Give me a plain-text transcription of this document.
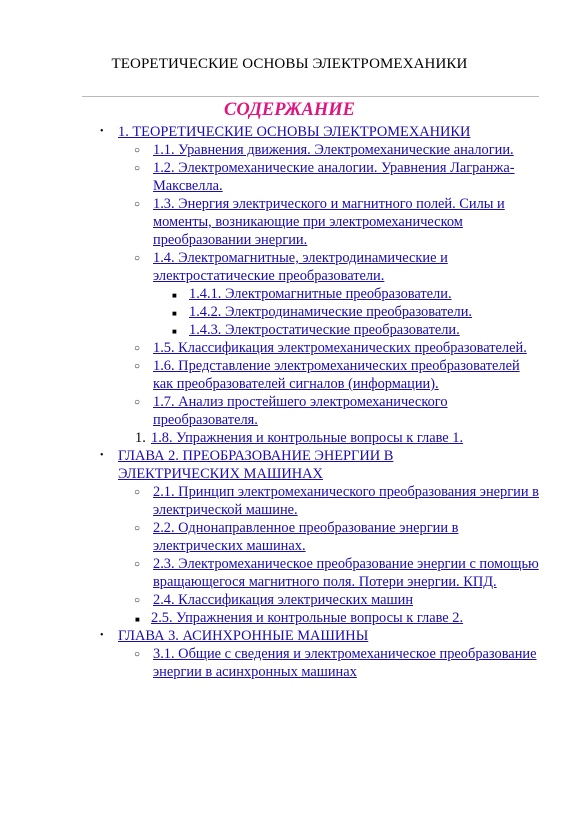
ТЕОРЕТИЧЕСКИЕ ОСНОВЫ ЭЛЕКТРОМЕХАНИКИ
СОДЕРЖАНИЕ
• 1. ТЕОРЕТИЧЕСКИЕ ОСНОВЫ ЭЛЕКТРОМЕХАНИКИ
○ 1.1. Уравнения движения. Электромеханические аналогии.
○ 1.2. Электромеханические аналогии. Уравнения Лагранжа- Максвелла.
○ 1.3. Энергия электрического и магнитного полей. Силы и моменты, возникающие при электромеханическом преобразовании энергии.
○ 1.4. Электромагнитные, электродинамические и электростатические преобразователи.
■ 1.4.1. Электромагнитные преобразователи.
■ 1.4.2. Электродинамические преобразователи.
■ 1.4.3. Электростатические преобразователи.
○ 1.5. Классификация электромеханических преобразователей.
○ 1.6. Представление электромеханических преобразователей как преобразователей сигналов (информации).
○ 1.7. Анализ простейшего электромеханического преобразователя.
1. 1.8. Упражнения и контрольные вопросы к главе 1.
• ГЛАВА 2. ПРЕОБРАЗОВАНИЕ ЭНЕРГИИ В ЭЛЕКТРИЧЕСКИХ МАШИНАХ
○ 2.1. Принцип электромеханического преобразования энергии в электрической машине.
○ 2.2. Однонаправленное преобразование энергии в электрических машинах.
○ 2.3. Электромеханическое преобразование энергии с помощью вращающегося магнитного поля. Потери энергии. КПД.
○ 2.4. Классификация электрических машин
■ 2.5. Упражнения и контрольные вопросы к главе 2.
• ГЛАВА 3. АСИНХРОННЫЕ МАШИНЫ
○ 3.1. Общие с сведения и электромеханическое преобразование энергии в асинхронных машинах
